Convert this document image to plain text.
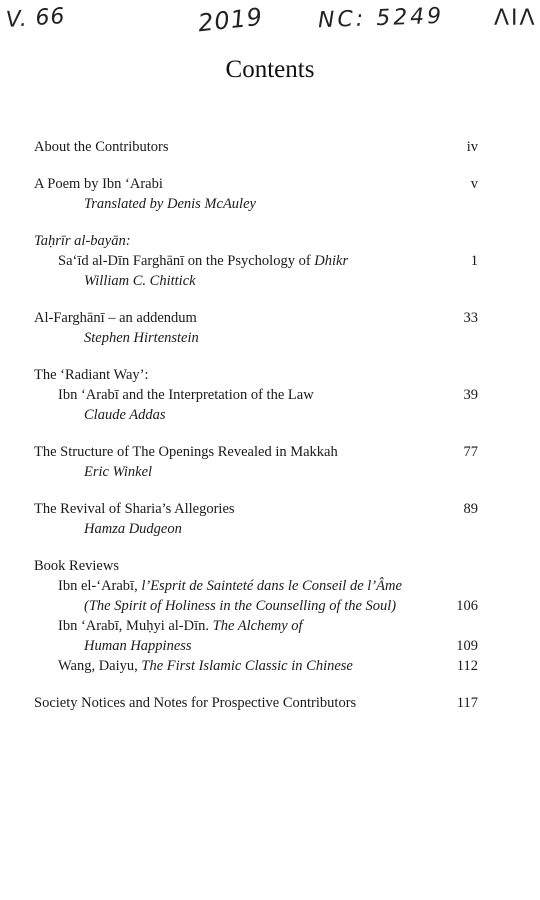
V. 66	2019 NC: 5249 ΛΙΛ
Contents
About the Contributors	iv
A Poem by Ibn ‘Arabi	v
Translated by Denis McAuley
Taḥrīr al-bayān:
Sa‘īd al-Dīn Farghānī on the Psychology of Dhikr	1
William C. Chittick
Al-Farghānī – an addendum	33
Stephen Hirtenstein
The ‘Radiant Way’:
Ibn ‘Arabī and the Interpretation of the Law	39
Claude Addas
The Structure of The Openings Revealed in Makkah	77
Eric Winkel
The Revival of Sharia’s Allegories	89
Hamza Dudgeon
Book Reviews
Ibn el-‘Arabī, l’Esprit de Sainteté dans le Conseil de l’Âme
(The Spirit of Holiness in the Counselling of the Soul)	106
Ibn ‘Arabī, Muḥyi al-Dīn. The Alchemy of
Human Happiness	109
Wang, Daiyu, The First Islamic Classic in Chinese	112
Society Notices and Notes for Prospective Contributors	117
